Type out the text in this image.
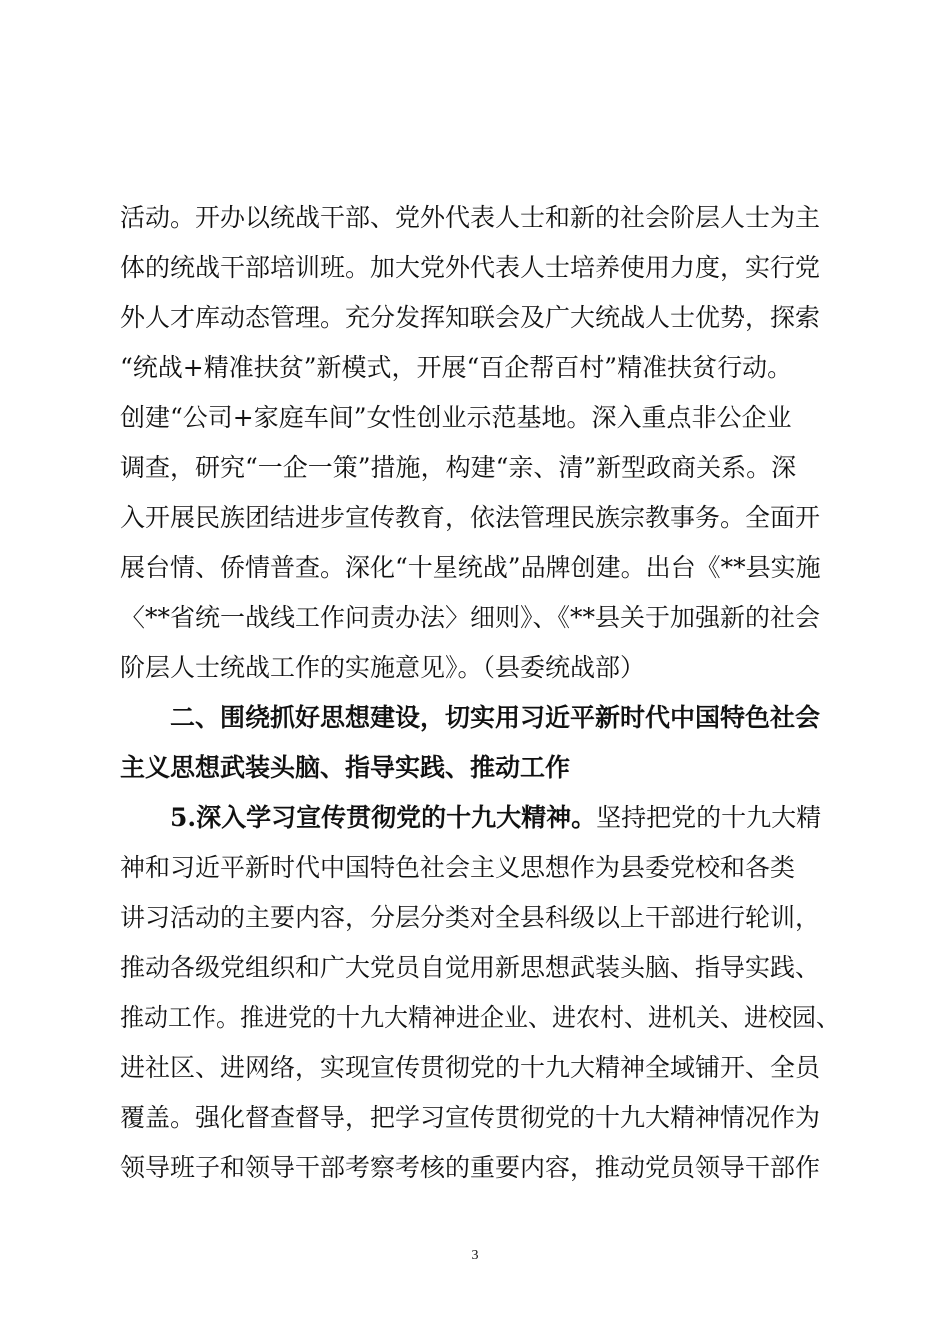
活动。开办以统战干部、党外代表人士和新的社会阶层人士为主
体的统战干部培训班。加大党外代表人士培养使用力度，实行党
外人才库动态管理。充分发挥知联会及广大统战人士优势，探索
“统战+精准扶贫”新模式，开展“百企帮百村”精准扶贫行动。
创建“公司+家庭车间”女性创业示范基地。深入重点非公企业
调查，研究“一企一策”措施，构建“亲、清”新型政商关系。深
入开展民族团结进步宣传教育，依法管理民族宗教事务。全面开
展台情、侨情普查。深化“十星统战”品牌创建。出台《**县实施
〈**省统一战线工作问责办法〉细则》、《**县关于加强新的社会
阶层人士统战工作的实施意见》。（县委统战部）
二、围绕抓好思想建设，切实用习近平新时代中国特色社会
主义思想武装头脑、指导实践、推动工作
5.深入学习宣传贯彻党的十九大精神。坚持把党的十九大精
神和习近平新时代中国特色社会主义思想作为县委党校和各类
讲习活动的主要内容，分层分类对全县科级以上干部进行轮训，
推动各级党组织和广大党员自觉用新思想武装头脑、指导实践、
推动工作。推进党的十九大精神进企业、进农村、进机关、进校园、
进社区、进网络，实现宣传贯彻党的十九大精神全域铺开、全员
覆盖。强化督查督导，把学习宣传贯彻党的十九大精神情况作为
领导班子和领导干部考察考核的重要内容，推动党员领导干部作
3
